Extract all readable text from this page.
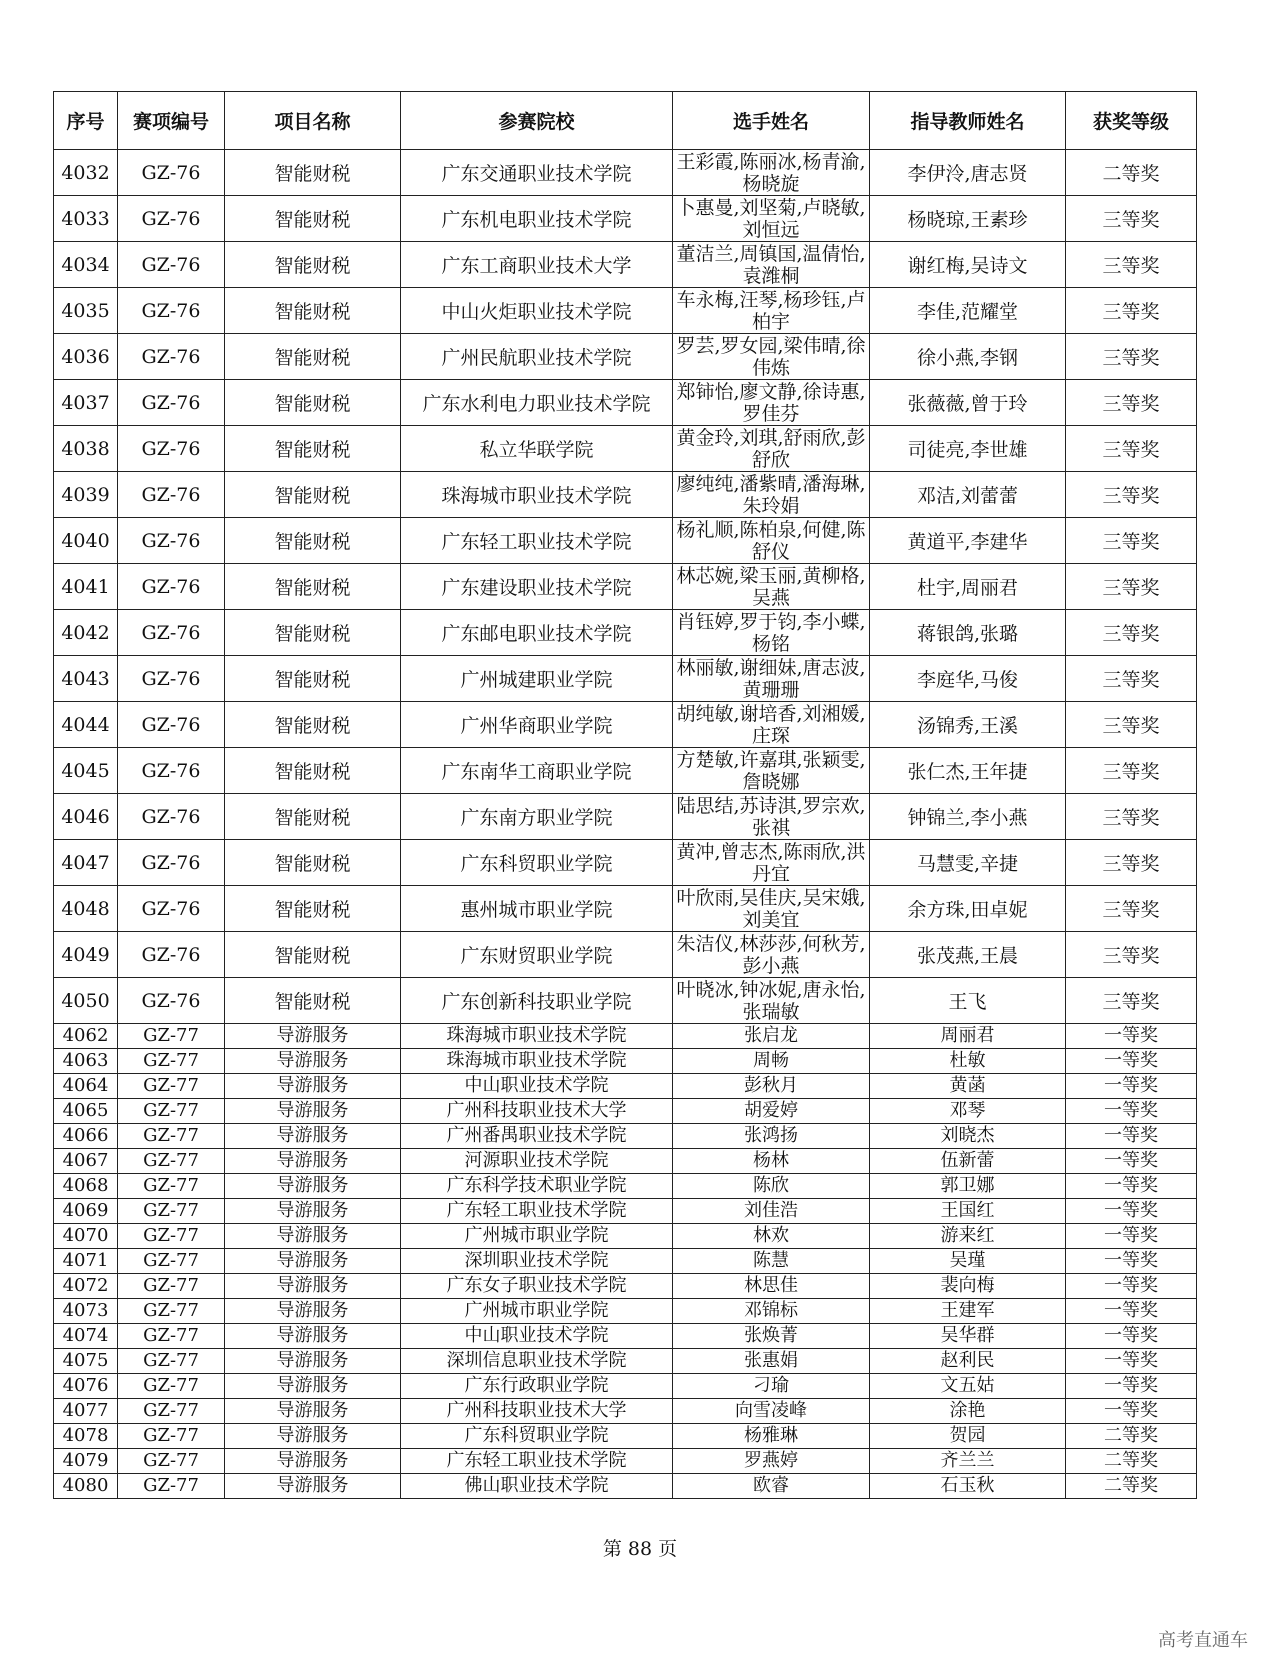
序号	赛项编号	项目名称	参赛院校	选手姓名	指导教师姓名	获奖等级
4032	GZ-76	智能财税	广东交通职业技术学院	王彩霞,陈丽冰,杨青渝,杨晓旋	李伊泠,唐志贤	二等奖
4033	GZ-76	智能财税	广东机电职业技术学院	卜惠曼,刘坚菊,卢晓敏,刘恒远	杨晓琼,王素珍	三等奖
4034	GZ-76	智能财税	广东工商职业技术大学	董洁兰,周镇国,温倩怡,袁潍桐	谢红梅,吴诗文	三等奖
4035	GZ-76	智能财税	中山火炬职业技术学院	车永梅,汪琴,杨珍钰,卢柏宇	李佳,范耀堂	三等奖
4036	GZ-76	智能财税	广州民航职业技术学院	罗芸,罗女园,梁伟晴,徐伟炼	徐小燕,李钢	三等奖
4037	GZ-76	智能财税	广东水利电力职业技术学院	郑铈怡,廖文静,徐诗惠,罗佳芬	张薇薇,曾于玲	三等奖
4038	GZ-76	智能财税	私立华联学院	黄金玲,刘琪,舒雨欣,彭舒欣	司徒亮,李世雄	三等奖
4039	GZ-76	智能财税	珠海城市职业技术学院	廖纯纯,潘紫晴,潘海琳,朱玲娟	邓洁,刘蕾蕾	三等奖
4040	GZ-76	智能财税	广东轻工职业技术学院	杨礼顺,陈柏泉,何健,陈舒仪	黄道平,李建华	三等奖
4041	GZ-76	智能财税	广东建设职业技术学院	林芯婉,梁玉丽,黄柳格,吴燕	杜宇,周丽君	三等奖
4042	GZ-76	智能财税	广东邮电职业技术学院	肖钰婷,罗于钧,李小蝶,杨铭	蒋银鸽,张璐	三等奖
4043	GZ-76	智能财税	广州城建职业学院	林丽敏,谢细妹,唐志波,黄珊珊	李庭华,马俊	三等奖
4044	GZ-76	智能财税	广州华商职业学院	胡纯敏,谢培香,刘湘媛,庄琛	汤锦秀,王溪	三等奖
4045	GZ-76	智能财税	广东南华工商职业学院	方楚敏,许嘉琪,张颖雯,詹晓娜	张仁杰,王年捷	三等奖
4046	GZ-76	智能财税	广东南方职业学院	陆思结,苏诗淇,罗宗欢,张祺	钟锦兰,李小燕	三等奖
4047	GZ-76	智能财税	广东科贸职业学院	黄冲,曾志杰,陈雨欣,洪丹宜	马慧雯,辛捷	三等奖
4048	GZ-76	智能财税	惠州城市职业学院	叶欣雨,吴佳庆,吴宋娥,刘美宜	余方珠,田卓妮	三等奖
4049	GZ-76	智能财税	广东财贸职业学院	朱洁仪,林莎莎,何秋芳,彭小燕	张茂燕,王晨	三等奖
4050	GZ-76	智能财税	广东创新科技职业学院	叶晓冰,钟冰妮,唐永怡,张瑞敏	王飞	三等奖
4062	GZ-77	导游服务	珠海城市职业技术学院	张启龙	周丽君	一等奖
4063	GZ-77	导游服务	珠海城市职业技术学院	周畅	杜敏	一等奖
4064	GZ-77	导游服务	中山职业技术学院	彭秋月	黄菡	一等奖
4065	GZ-77	导游服务	广州科技职业技术大学	胡爱婷	邓琴	一等奖
4066	GZ-77	导游服务	广州番禺职业技术学院	张鸿扬	刘晓杰	一等奖
4067	GZ-77	导游服务	河源职业技术学院	杨林	伍新蕾	一等奖
4068	GZ-77	导游服务	广东科学技术职业学院	陈欣	郭卫娜	一等奖
4069	GZ-77	导游服务	广东轻工职业技术学院	刘佳浩	王国红	一等奖
4070	GZ-77	导游服务	广州城市职业学院	林欢	游来红	一等奖
4071	GZ-77	导游服务	深圳职业技术学院	陈慧	吴瑾	一等奖
4072	GZ-77	导游服务	广东女子职业技术学院	林思佳	裴向梅	一等奖
4073	GZ-77	导游服务	广州城市职业学院	邓锦标	王建军	一等奖
4074	GZ-77	导游服务	中山职业技术学院	张焕菁	吴华群	一等奖
4075	GZ-77	导游服务	深圳信息职业技术学院	张惠娟	赵利民	一等奖
4076	GZ-77	导游服务	广东行政职业学院	刁瑜	文五姑	一等奖
4077	GZ-77	导游服务	广州科技职业技术大学	向雪凌峰	涂艳	一等奖
4078	GZ-77	导游服务	广东科贸职业学院	杨雅琳	贺园	二等奖
4079	GZ-77	导游服务	广东轻工职业技术学院	罗燕婷	齐兰兰	二等奖
4080	GZ-77	导游服务	佛山职业技术学院	欧睿	石玉秋	二等奖
第 88 页
高考直通车
